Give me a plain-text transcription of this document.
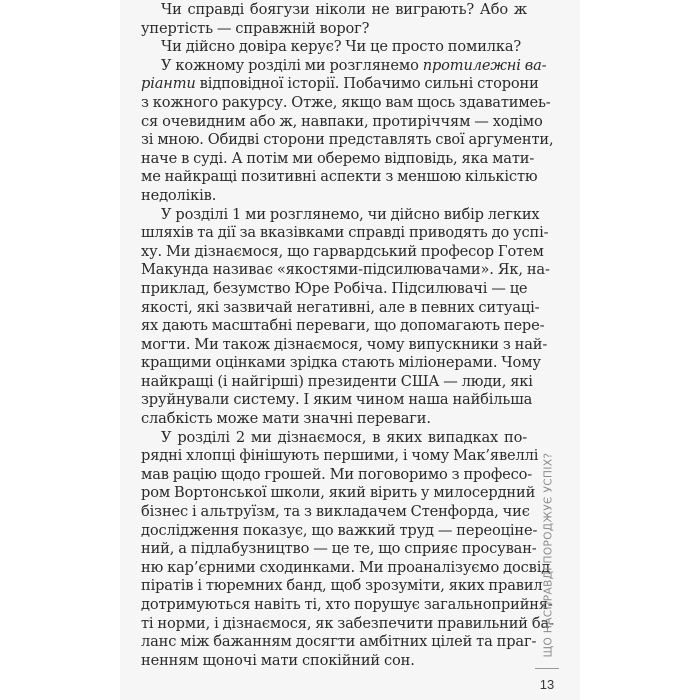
Чи справді боягузи ніколи не виграють? Або ж
упертість — справжній ворог?
Чи дійсно довіра керує? Чи це просто помилка?
У кожному розділі ми розглянемо протилежні ва-
ріанти відповідної історії. Побачимо сильні сторони
з кожного ракурсу. Отже, якщо вам щось здаватимеь-
ся очевидним або ж, навпаки, протиріччям — ходімо
зі мною. Обидві сторони представлять свої аргументи,
наче в суді. А потім ми оберемо відповідь, яка мати-
ме найкращі позитивні аспекти з меншою кількістю
недоліків.
У розділі 1 ми розглянемо, чи дійсно вибір легких
шляхів та дії за вказівками справді приводять до успі-
ху. Ми дізнаємося, що гарвардський професор Готем
Макунда називає «якостями-підсилювачами». Як, на-
приклад, безумство Юре Робіча. Підсилювачі — це
якості, які зазвичай негативні, але в певних ситуаці-
ях дають масштабні переваги, що допомагають пере-
могти. Ми також дізнаємося, чому випускники з най-
кращими оцінками зрідка стають міліонерами. Чому
найкращі (і найгірші) президенти США — люди, які
зруйнували систему. І яким чином наша найбільша
слабкість може мати значні переваги.
У розділі 2 ми дізнаємося, в яких випадках по-
рядні хлопці фінішують першими, і чому Мак’явеллі
мав рацію щодо грошей. Ми поговоримо з професо-
ром Вортонської школи, який вірить у милосердний
бізнес і альтруїзм, та з викладачем Стенфорда, чиє
дослідження показує, що важкий труд — переоціне-
ний, а підлабузництво — це те, що сприяє просуван-
ню кар’єрними сходинками. Ми проаналізуємо досвід
піратів і тюремних банд, щоб зрозуміти, яких правил
дотримуються навіть ті, хто порушує загальноприйня-
ті норми, і дізнаємося, як забезпечити правильний ба-
ланс між бажанням досягти амбітних цілей та праг-
ненням щоночі мати спокійний сон.
ЩО НАСПРАВДІ ПОРОДЖУЄ УСПІХ?
13
